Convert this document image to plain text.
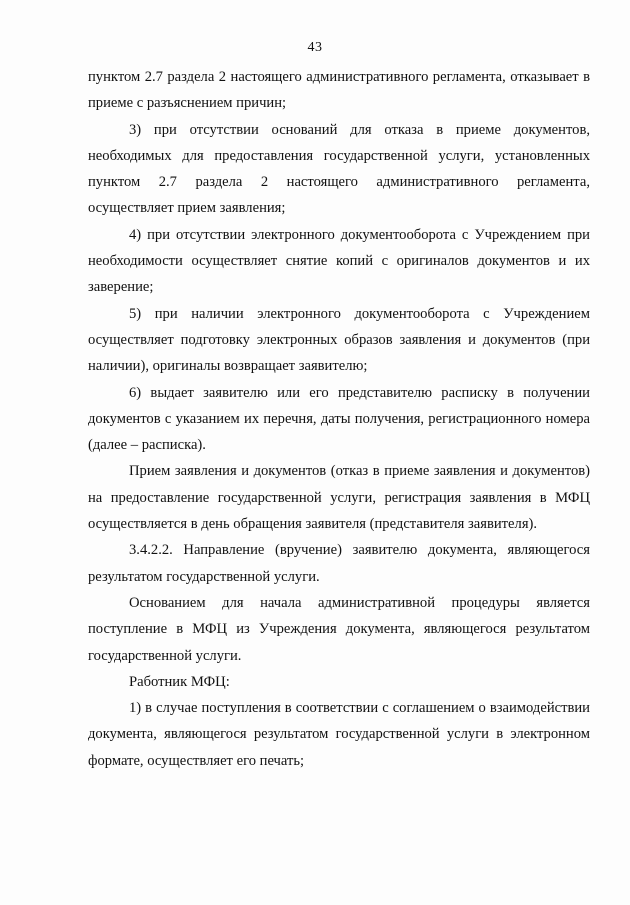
43

пунктом 2.7 раздела 2 настоящего административного регламента, отказывает в приеме с разъяснением причин;

3) при отсутствии оснований для отказа в приеме документов, необходимых для предоставления государственной услуги, установленных пунктом 2.7 раздела 2 настоящего административного регламента, осуществляет прием заявления;

4) при отсутствии электронного документооборота с Учреждением при необходимости осуществляет снятие копий с оригиналов документов и их заверение;

5) при наличии электронного документооборота с Учреждением осуществляет подготовку электронных образов заявления и документов (при наличии), оригиналы возвращает заявителю;

6) выдает заявителю или его представителю расписку в получении документов с указанием их перечня, даты получения, регистрационного номера (далее – расписка).

Прием заявления и документов (отказ в приеме заявления и документов) на предоставление государственной услуги, регистрация заявления в МФЦ осуществляется в день обращения заявителя (представителя заявителя).

3.4.2.2. Направление (вручение) заявителю документа, являющегося результатом государственной услуги.

Основанием для начала административной процедуры является поступление в МФЦ из Учреждения документа, являющегося результатом государственной услуги.

Работник МФЦ:

1) в случае поступления в соответствии с соглашением о взаимодействии документа, являющегося результатом государственной услуги в электронном формате, осуществляет его печать;
